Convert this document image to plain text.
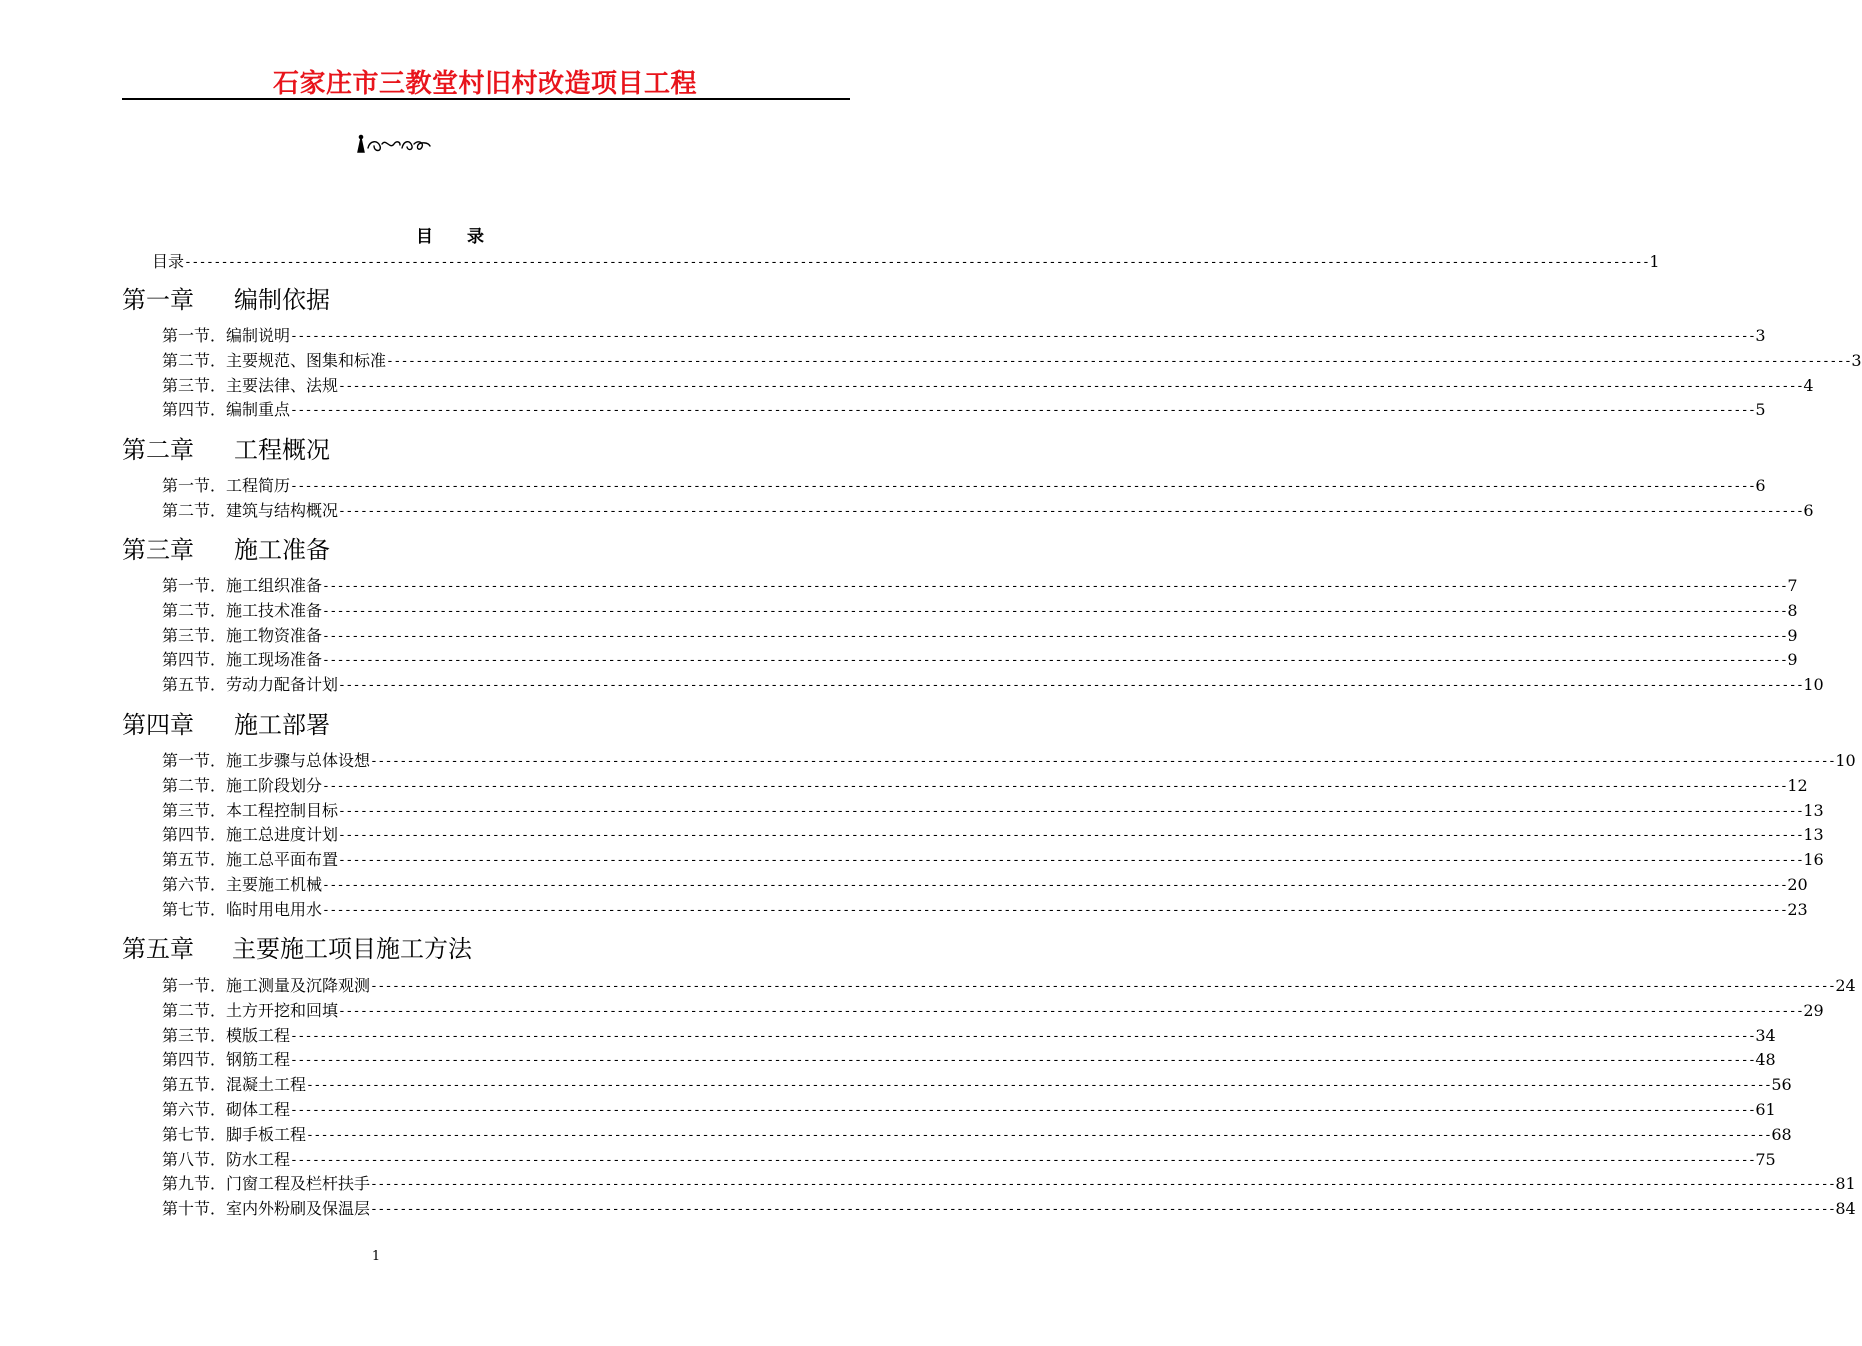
石家庄市三教堂村旧村改造项目工程
目 录
目录 -------------------------------------------------------------------------------------------------------------------------------------------------------------------------------------------------------- 1
第一章 编制依据
第一节．编制说明 -------------------------------------------------------------------------------------------------------------------------------------------------------------------------------------------------------- 3
第二节．主要规范、图集和标准 -------------------------------------------------------------------------------------------------------------------------------------------------------------------------------------------------------- 3
第三节．主要法律、法规 -------------------------------------------------------------------------------------------------------------------------------------------------------------------------------------------------------- 4
第四节．编制重点 -------------------------------------------------------------------------------------------------------------------------------------------------------------------------------------------------------- 5
第二章 工程概况
第一节．工程简历 -------------------------------------------------------------------------------------------------------------------------------------------------------------------------------------------------------- 6
第二节．建筑与结构概况 -------------------------------------------------------------------------------------------------------------------------------------------------------------------------------------------------------- 6
第三章 施工准备
第一节．施工组织准备 -------------------------------------------------------------------------------------------------------------------------------------------------------------------------------------------------------- 7
第二节．施工技术准备 -------------------------------------------------------------------------------------------------------------------------------------------------------------------------------------------------------- 8
第三节．施工物资准备 -------------------------------------------------------------------------------------------------------------------------------------------------------------------------------------------------------- 9
第四节．施工现场准备 -------------------------------------------------------------------------------------------------------------------------------------------------------------------------------------------------------- 9
第五节．劳动力配备计划 -------------------------------------------------------------------------------------------------------------------------------------------------------------------------------------------------------- 10
第四章 施工部署
第一节．施工步骤与总体设想 -------------------------------------------------------------------------------------------------------------------------------------------------------------------------------------------------------- 10
第二节．施工阶段划分 -------------------------------------------------------------------------------------------------------------------------------------------------------------------------------------------------------- 12
第三节．本工程控制目标 -------------------------------------------------------------------------------------------------------------------------------------------------------------------------------------------------------- 13
第四节．施工总进度计划 -------------------------------------------------------------------------------------------------------------------------------------------------------------------------------------------------------- 13
第五节．施工总平面布置 -------------------------------------------------------------------------------------------------------------------------------------------------------------------------------------------------------- 16
第六节．主要施工机械 -------------------------------------------------------------------------------------------------------------------------------------------------------------------------------------------------------- 20
第七节．临时用电用水 -------------------------------------------------------------------------------------------------------------------------------------------------------------------------------------------------------- 23
第五章 主要施工项目施工方法
第一节．施工测量及沉降观测 -------------------------------------------------------------------------------------------------------------------------------------------------------------------------------------------------------- 24
第二节．土方开挖和回填 -------------------------------------------------------------------------------------------------------------------------------------------------------------------------------------------------------- 29
第三节．模版工程 -------------------------------------------------------------------------------------------------------------------------------------------------------------------------------------------------------- 34
第四节．钢筋工程 -------------------------------------------------------------------------------------------------------------------------------------------------------------------------------------------------------- 48
第五节．混凝土工程 -------------------------------------------------------------------------------------------------------------------------------------------------------------------------------------------------------- 56
第六节．砌体工程 -------------------------------------------------------------------------------------------------------------------------------------------------------------------------------------------------------- 61
第七节．脚手板工程 -------------------------------------------------------------------------------------------------------------------------------------------------------------------------------------------------------- 68
第八节．防水工程 -------------------------------------------------------------------------------------------------------------------------------------------------------------------------------------------------------- 75
第九节．门窗工程及栏杆扶手 -------------------------------------------------------------------------------------------------------------------------------------------------------------------------------------------------------- 81
第十节．室内外粉刷及保温层 -------------------------------------------------------------------------------------------------------------------------------------------------------------------------------------------------------- 84
1
